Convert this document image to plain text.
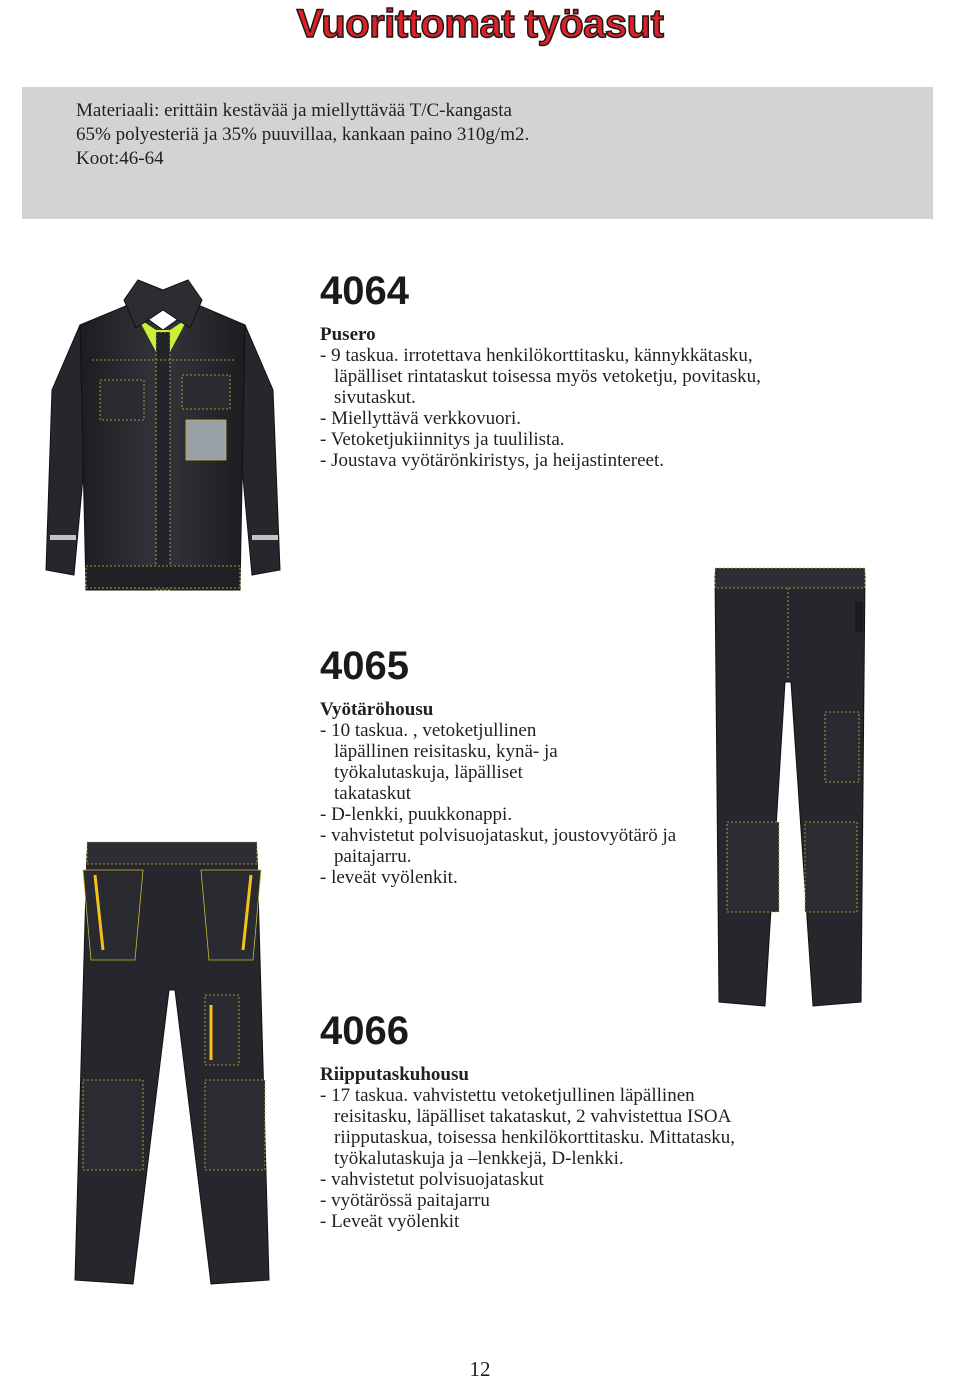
Vuorittomat työasut
Materiaali: erittäin kestävää ja miellyttävää T/C-kangasta
65% polyesteriä ja 35% puuvillaa, kankaan paino 310g/m2.
Koot:46-64
4064
Pusero
- 9 taskua. irrotettava henkilökorttitasku, kännykkätasku,
läpälliset rintataskut toisessa myös vetoketju, povitasku,
sivutaskut.
- Miellyttävä verkkovuori.
- Vetoketjukiinnitys ja tuulilista.
- Joustava vyötärönkiristys, ja heijastintereet.
4065
Vyötäröhousu
- 10 taskua. , vetoketjullinen
läpällinen reisitasku, kynä- ja
työkalutaskuja, läpälliset
takataskut
- D-lenkki, puukkonappi.
- vahvistetut polvisuojataskut, joustovyötärö ja
paitajarru.
- leveät vyölenkit.
4066
Riipputaskuhousu
- 17 taskua. vahvistettu vetoketjullinen läpällinen
reisitasku, läpälliset takataskut, 2 vahvistettua ISOA
riipputaskua, toisessa henkilökorttitasku. Mittatasku,
työkalutaskuja ja –lenkkejä, D-lenkki.
- vahvistetut polvisuojataskut
- vyötärössä paitajarru
- Leveät vyölenkit
12
